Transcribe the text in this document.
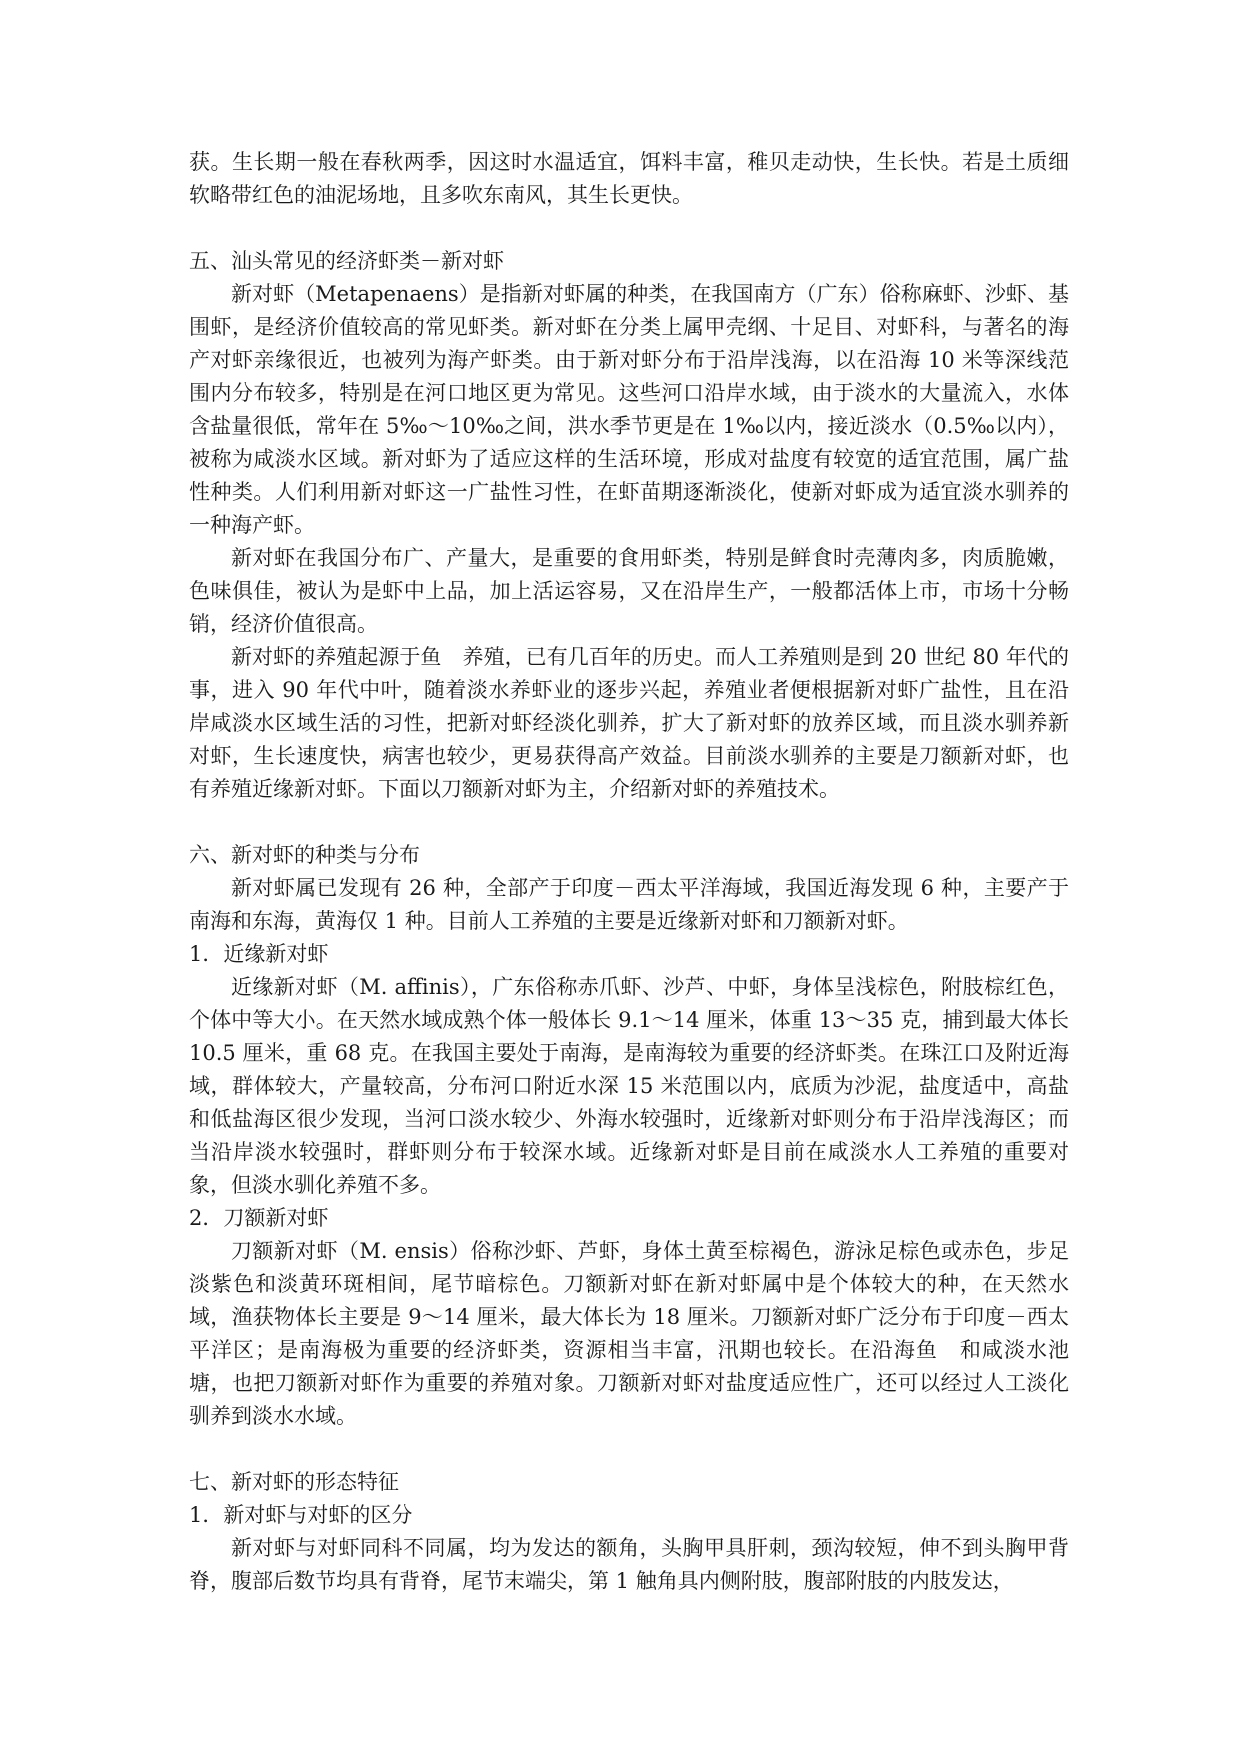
获。生长期一般在春秋两季，因这时水温适宜，饵料丰富，稚贝走动快，生长快。若是土质细软略带红色的油泥场地，且多吹东南风，其生长更快。

五、汕头常见的经济虾类－新对虾

新对虾（Metapenaens）是指新对虾属的种类，在我国南方（广东）俗称麻虾、沙虾、基围虾，是经济价值较高的常见虾类。新对虾在分类上属甲壳纲、十足目、对虾科，与著名的海产对虾亲缘很近，也被列为海产虾类。由于新对虾分布于沿岸浅海，以在沿海 10 米等深线范围内分布较多，特别是在河口地区更为常见。这些河口沿岸水域，由于淡水的大量流入，水体含盐量很低，常年在 5‰～10‰之间，洪水季节更是在 1‰以内，接近淡水（0.5‰以内），被称为咸淡水区域。新对虾为了适应这样的生活环境，形成对盐度有较宽的适宜范围，属广盐性种类。人们利用新对虾这一广盐性习性，在虾苗期逐渐淡化，使新对虾成为适宜淡水驯养的一种海产虾。

新对虾在我国分布广、产量大，是重要的食用虾类，特别是鲜食时壳薄肉多，肉质脆嫩，色味俱佳，被认为是虾中上品，加上活运容易，又在沿岸生产，一般都活体上市，市场十分畅销，经济价值很高。

新对虾的养殖起源于鱼　养殖，已有几百年的历史。而人工养殖则是到 20 世纪 80 年代的事，进入 90 年代中叶，随着淡水养虾业的逐步兴起，养殖业者便根据新对虾广盐性，且在沿岸咸淡水区域生活的习性，把新对虾经淡化驯养，扩大了新对虾的放养区域，而且淡水驯养新对虾，生长速度快，病害也较少，更易获得高产效益。目前淡水驯养的主要是刀额新对虾，也有养殖近缘新对虾。下面以刀额新对虾为主，介绍新对虾的养殖技术。

六、新对虾的种类与分布

新对虾属已发现有 26 种，全部产于印度－西太平洋海域，我国近海发现 6 种，主要产于南海和东海，黄海仅 1 种。目前人工养殖的主要是近缘新对虾和刀额新对虾。

1．近缘新对虾

近缘新对虾（M. affinis），广东俗称赤爪虾、沙芦、中虾，身体呈浅棕色，附肢棕红色，个体中等大小。在天然水域成熟个体一般体长 9.1～14 厘米，体重 13～35 克，捕到最大体长 10.5 厘米，重 68 克。在我国主要处于南海，是南海较为重要的经济虾类。在珠江口及附近海域，群体较大，产量较高，分布河口附近水深 15 米范围以内，底质为沙泥，盐度适中，高盐和低盐海区很少发现，当河口淡水较少、外海水较强时，近缘新对虾则分布于沿岸浅海区；而当沿岸淡水较强时，群虾则分布于较深水域。近缘新对虾是目前在咸淡水人工养殖的重要对象，但淡水驯化养殖不多。

2．刀额新对虾

刀额新对虾（M. ensis）俗称沙虾、芦虾，身体土黄至棕褐色，游泳足棕色或赤色，步足淡紫色和淡黄环斑相间，尾节暗棕色。刀额新对虾在新对虾属中是个体较大的种，在天然水域，渔获物体长主要是 9～14 厘米，最大体长为 18 厘米。刀额新对虾广泛分布于印度－西太平洋区；是南海极为重要的经济虾类，资源相当丰富，汛期也较长。在沿海鱼　和咸淡水池塘，也把刀额新对虾作为重要的养殖对象。刀额新对虾对盐度适应性广，还可以经过人工淡化驯养到淡水水域。

七、新对虾的形态特征

1．新对虾与对虾的区分

新对虾与对虾同科不同属，均为发达的额角，头胸甲具肝刺，颈沟较短，伸不到头胸甲背脊，腹部后数节均具有背脊，尾节末端尖，第 1 触角具内侧附肢，腹部附肢的内肢发达，
